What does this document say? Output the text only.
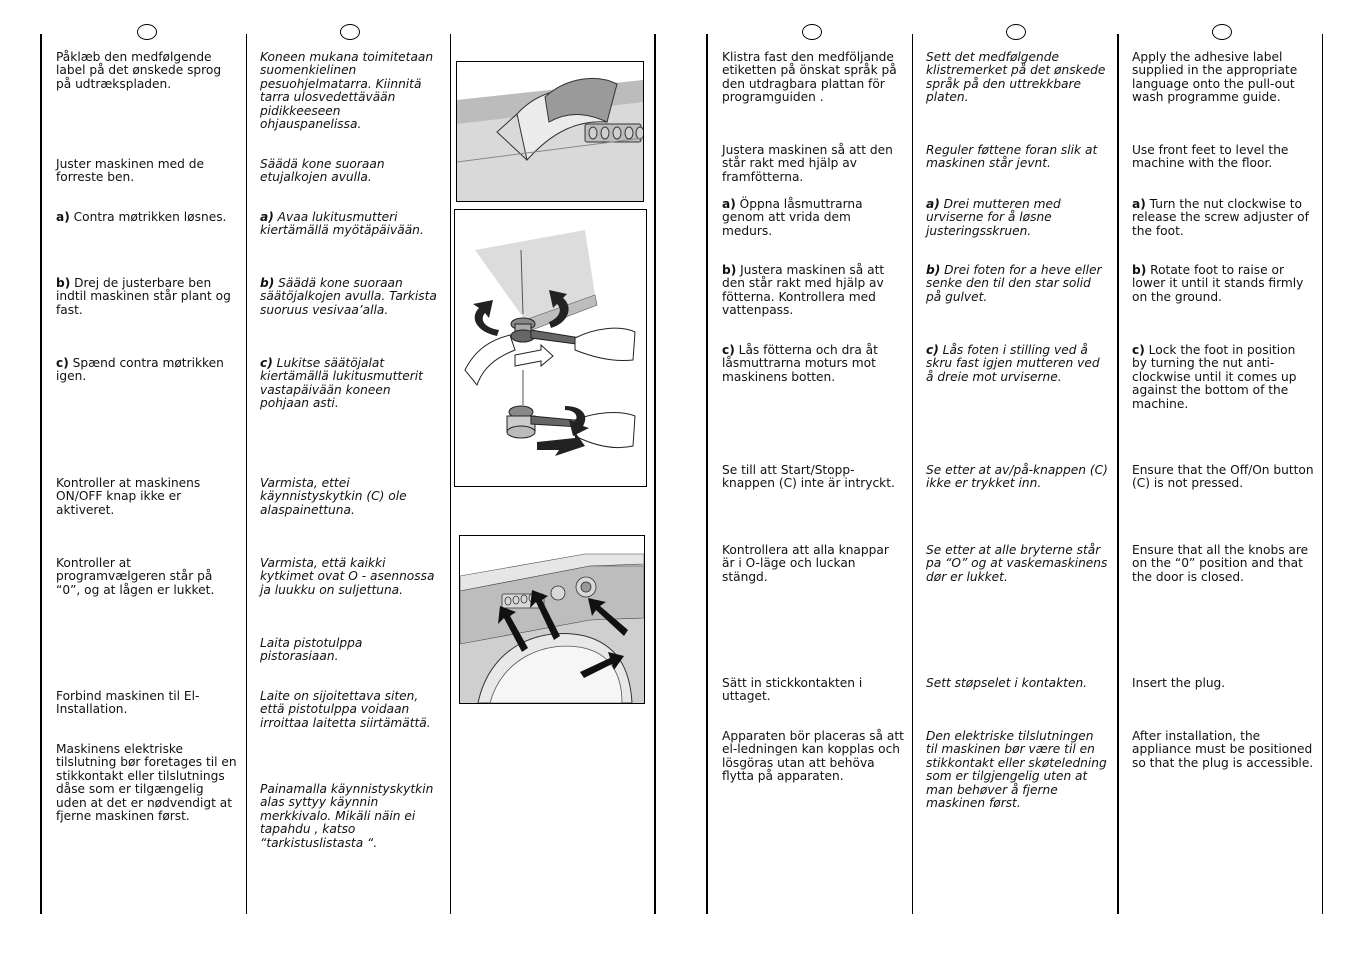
Påklæb den medfølgende label på det ønskede sprog på udtrækspladen.

Juster maskinen med de forreste ben.

a) Contra møtrikken løsnes.

b) Drej de justerbare ben indtil maskinen står plant og fast.

c) Spænd contra møtrikken igen.

Kontroller at maskinens ON/OFF knap ikke er aktiveret.

Kontroller at programvælgeren står på “0”, og at lågen er lukket.

Forbind maskinen til El-Installation.

Maskinens elektriske tilslutning bør foretages til en stikkontakt eller tilslutnings dåse som er tilgængelig uden at det er nødvendigt at fjerne maskinen først.

Koneen mukana toimitetaan suomenkielinen pesuohjelmatarra. Kiinnitä tarra ulosvedettävään pidikkeeseen ohjauspanelissa.

Säädä kone suoraan etujalkojen avulla.

a) Avaa lukitusmutteri kiertämällä myötäpäivään.

b) Säädä kone suoraan säätöjalkojen avulla. Tarkista suoruus vesivaa’alla.

c) Lukitse säätöjalat kiertämällä lukitusmutterit vastapäivään koneen pohjaan asti.

Varmista, ettei käynnistyskytkin (C) ole alaspainettuna.

Varmista, että kaikki kytkimet ovat O - asennossa ja luukku on suljettuna.

Laita pistotulppa pistorasiaan.

Laite on sijoitettava siten, että pistotulppa voidaan irroittaa laitetta siirtämättä.

Painamalla käynnistyskytkin alas syttyy käynnin merkkivalo. Mikäli näin ei tapahdu , katso “tarkistuslistasta “.

Klistra fast den medföljande etiketten på önskat språk på den utdragbara plattan för programguiden .

Justera maskinen så att den står rakt med hjälp av framfötterna.

a) Öppna låsmuttrarna genom att vrida dem medurs.

b) Justera maskinen så att den står rakt med hjälp av fötterna. Kontrollera med vattenpass.

c) Lås fötterna och dra åt låsmuttrarna moturs mot maskinens botten.

Se till att Start/Stopp-knappen (C) inte är intryckt.

Kontrollera att alla knappar är i O-läge och luckan stängd.

Sätt in stickkontakten i uttaget.

Apparaten bör placeras så att el-ledningen kan kopplas och lösgöras utan att behöva flytta på apparaten.

Sett det medfølgende klistremerket på det ønskede språk på den uttrekkbare platen.

Reguler føttene foran slik at maskinen står jevnt.

a) Drei mutteren med urviserne for å løsne justeringsskruen.

b) Drei foten for a heve eller senke den til den star solid på gulvet.

c) Lås foten i stilling ved å skru fast igjen mutteren ved å dreie mot urviserne.

Se etter at av/på-knappen (C) ikke er trykket inn.

Se etter at alle bryterne står pa “O” og at vaskemaskinens dør er lukket.

Sett støpselet i kontakten.

Den elektriske tilslutningen til maskinen bør være til en stikkontakt eller skøteledning som er tilgjengelig uten at man behøver å fjerne maskinen først.

Apply the adhesive label supplied in the appropriate language onto the pull-out wash programme guide.

Use front feet to level the machine with the floor.

a) Turn the nut clockwise to release the screw adjuster of the foot.

b) Rotate foot to raise or lower it until it stands firmly on the ground.

c) Lock the foot in position by turning the nut anti-clockwise until it comes up against the bottom of the machine.

Ensure that the Off/On button (C) is not pressed.

Ensure that all the knobs are on the “0” position and that the door is closed.

Insert the plug.

After installation, the appliance must be positioned so that the plug is accessible.
